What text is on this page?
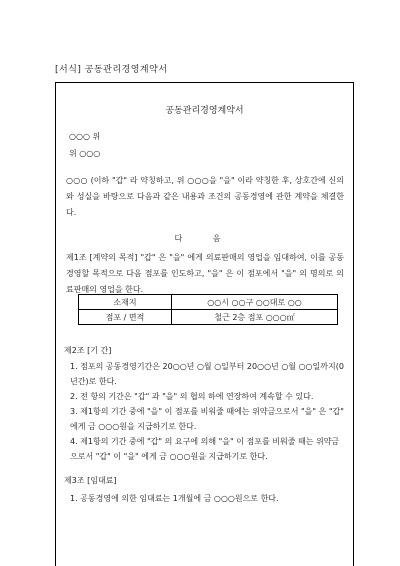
[서식] 공동관리경영계약서
공동관리경영계약서
○○○ 위
위 ○○○
○○○ (이하 "갑" 라 약칭하고, 위 ○○○을 "을" 이라 약칭한 후, 상호간에 신의와 성실을 바탕으로 다음과 같은 내용과 조건의 공동경영에 관한 계약을 체결한다.
다 음
제1조 [계약의 목적] "갑" 은 "을" 에게 의료판매의 영업을 임대하여, 이를 공동경영할 목적으로 다음 점포를 인도하고, "을" 은 이 점포에서 "을" 의 명의로 의료판매의 영업을 한다.
소재지	○○시 ○○구 ○○대로 ○○
점포 / 면적	철근 2층 점포 ○○○㎡
제2조 [기 간]
1. 점포의 공동경영기간은 20○○년 ○월 ○일부터 20○○년 ○월 ○○일까지(0년간)로 한다.
2. 전 항의 기간은 "갑" 과 "을" 의 협의 하에 연장하여 계속할 수 있다.
3. 제1항의 기간 중에 "을" 이 점포를 비워줄 때에는 위약금으로서 "을" 은 "갑" 에게 금 ○○○원을 지급하기로 한다.
4. 제1항의 기간 중에 "갑" 의 요구에 의해 "을" 이 점포를 비워줄 때는 위약금으로서 "갑" 이 "을" 에게 금 ○○○원을 지급하기로 한다.
제3조 [임대료]
1. 공동경영에 의한 임대료는 1개월에 금 ○○○원으로 한다.
